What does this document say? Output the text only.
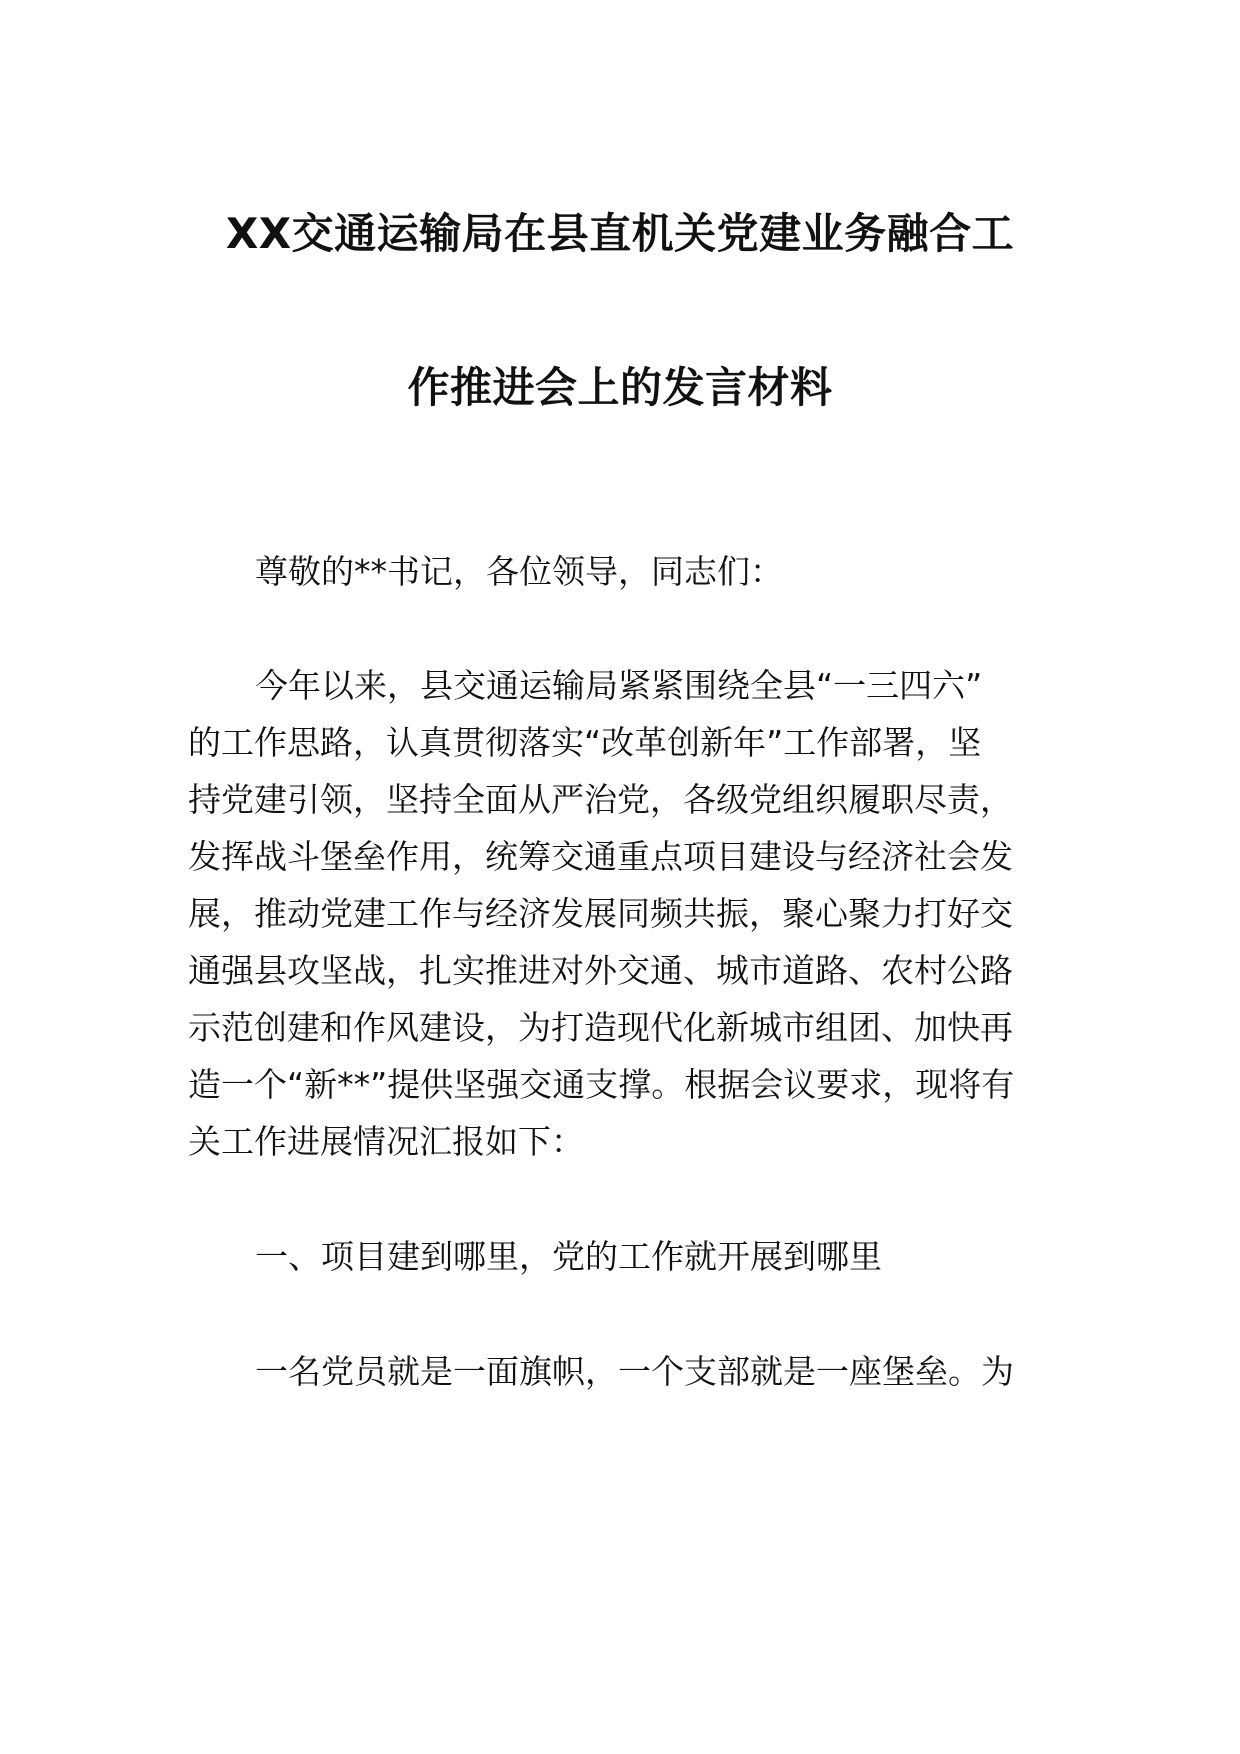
XX交通运输局在县直机关党建业务融合工
作推进会上的发言材料
尊敬的**书记，各位领导，同志们：
今年以来，县交通运输局紧紧围绕全县“一三四六”
的工作思路，认真贯彻落实“改革创新年”工作部署，坚
持党建引领，坚持全面从严治党，各级党组织履职尽责，
发挥战斗堡垒作用，统筹交通重点项目建设与经济社会发
展，推动党建工作与经济发展同频共振，聚心聚力打好交
通强县攻坚战，扎实推进对外交通、城市道路、农村公路
示范创建和作风建设，为打造现代化新城市组团、加快再
造一个“新**”提供坚强交通支撑。根据会议要求，现将有
关工作进展情况汇报如下：
一、项目建到哪里，党的工作就开展到哪里
一名党员就是一面旗帜，一个支部就是一座堡垒。为
